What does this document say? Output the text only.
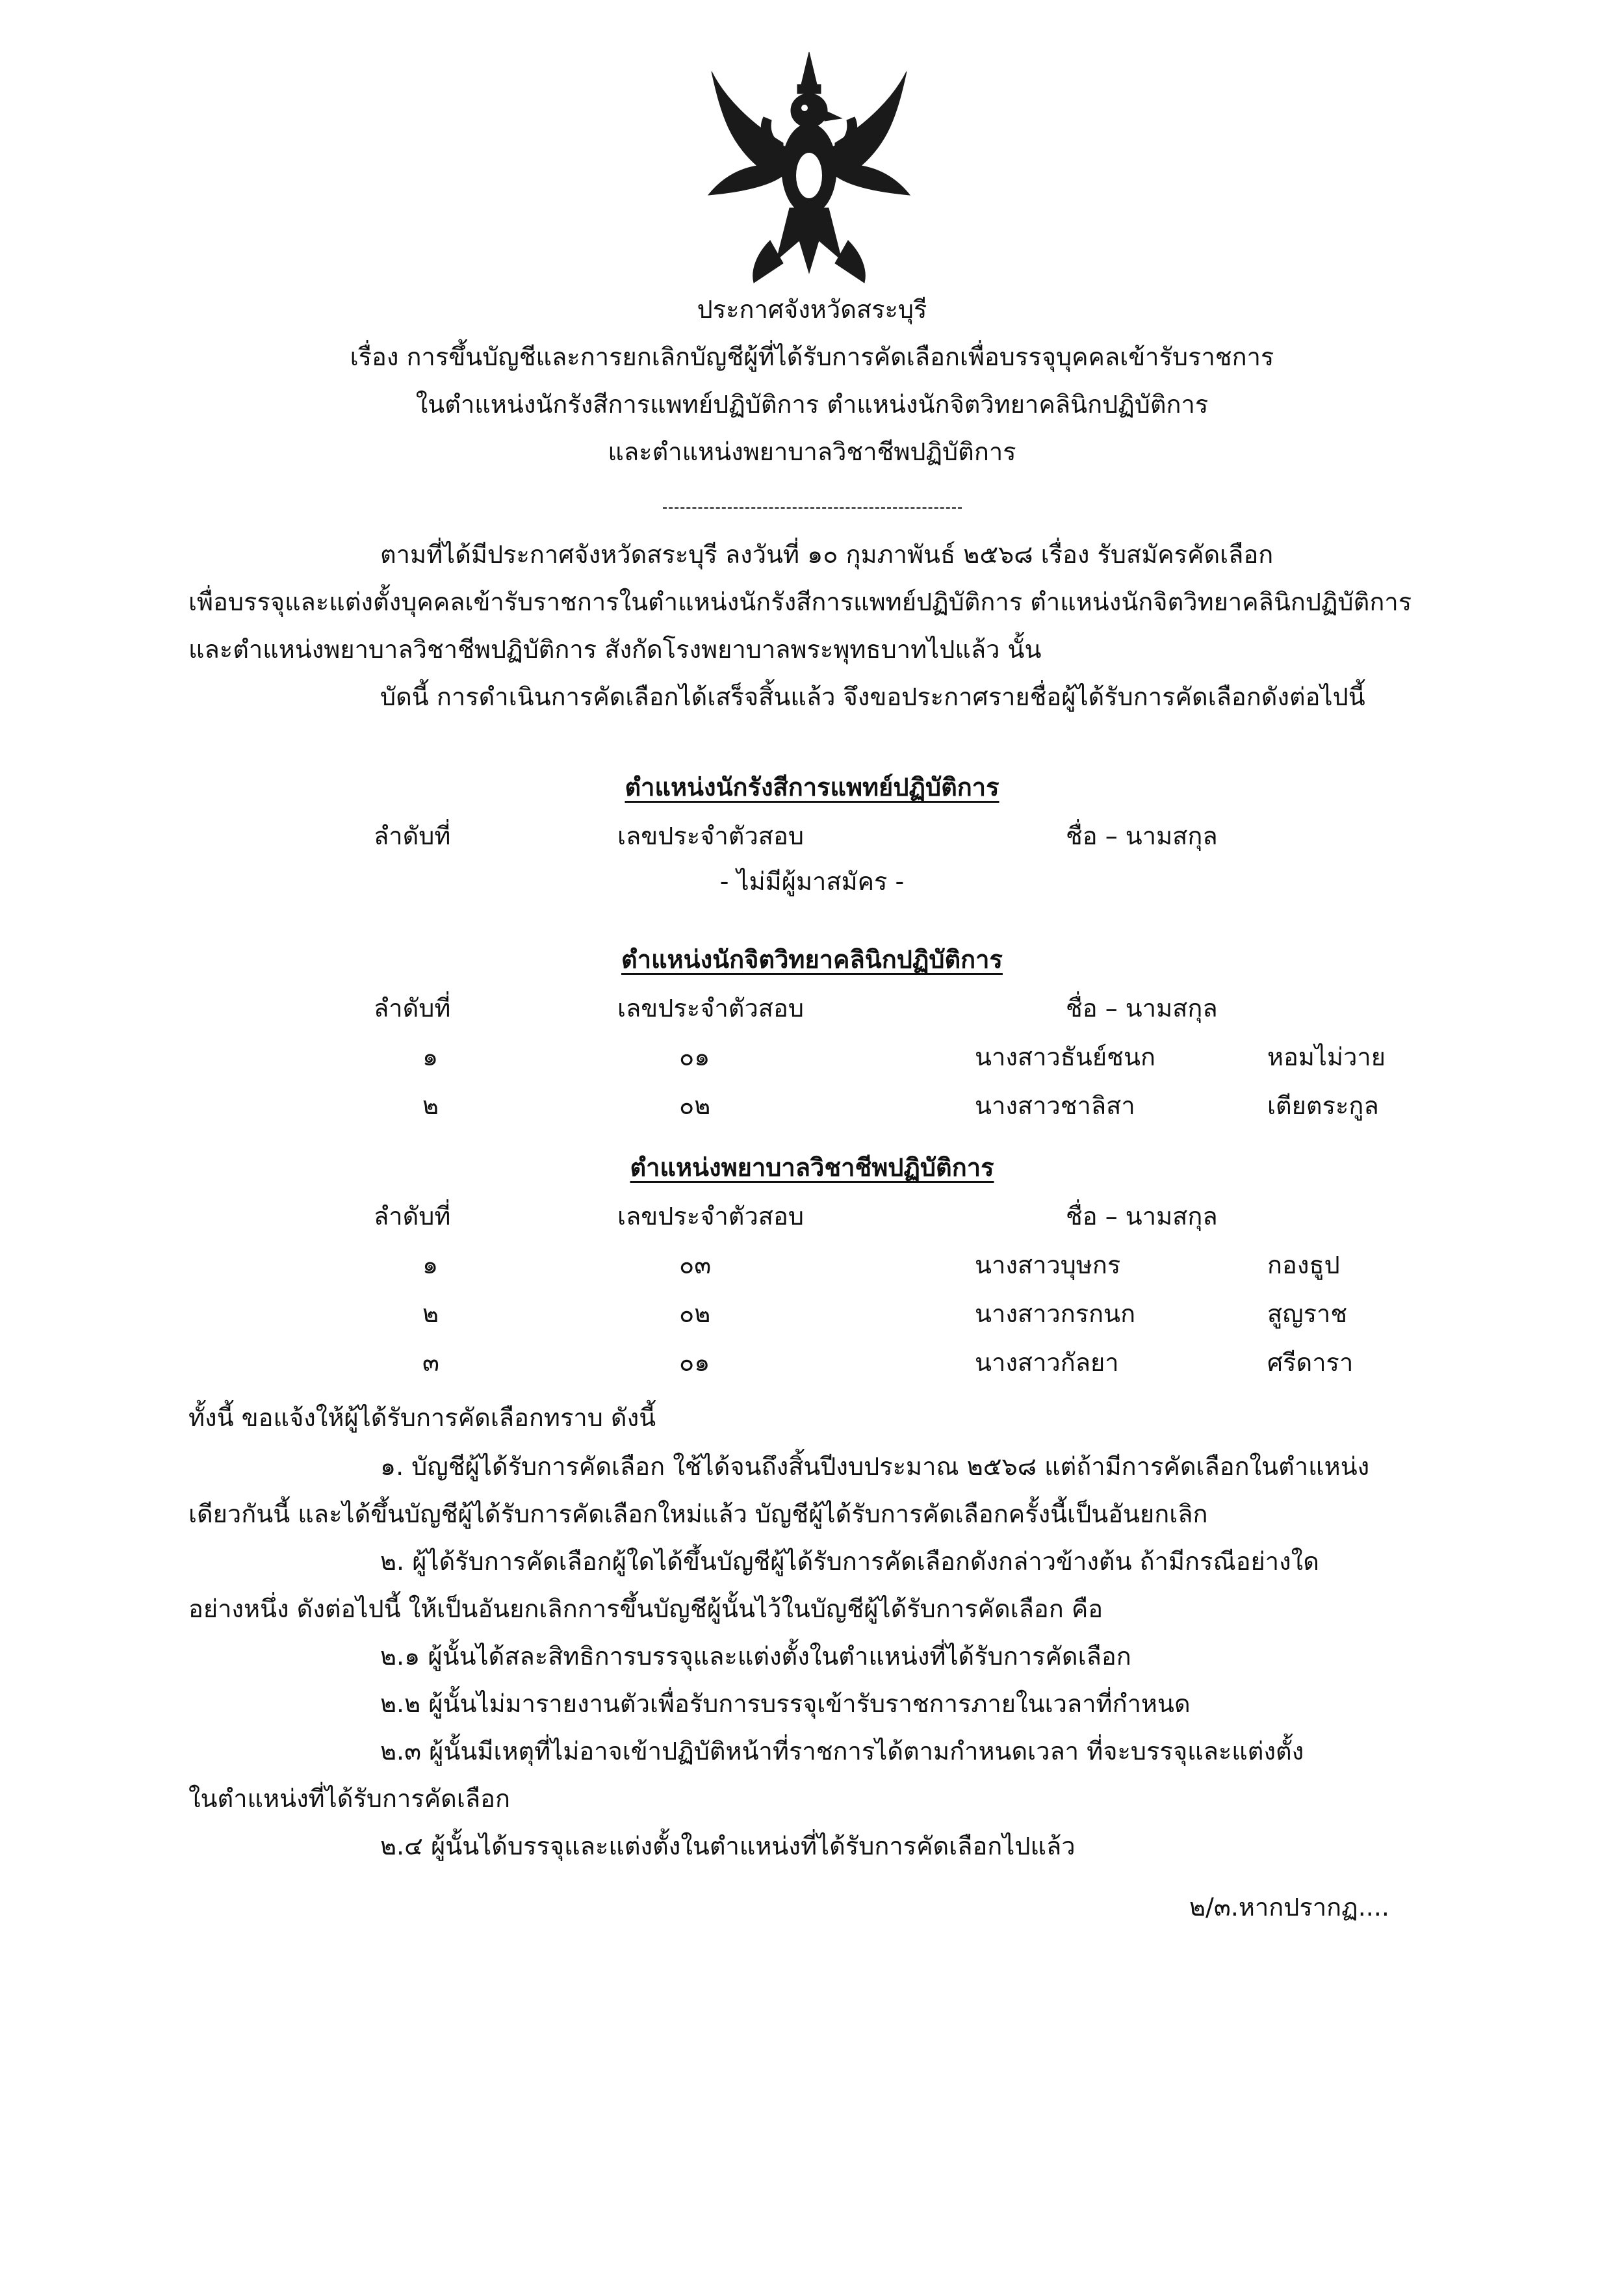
ประกาศจังหวัดสระบุรี
เรื่อง การขึ้นบัญชีและการยกเลิกบัญชีผู้ที่ได้รับการคัดเลือกเพื่อบรรจุบุคคลเข้ารับราชการ
ในตำแหน่งนักรังสีการแพทย์ปฏิบัติการ ตำแหน่งนักจิตวิทยาคลินิกปฏิบัติการ
และตำแหน่งพยาบาลวิชาชีพปฏิบัติการ
ตามที่ได้มีประกาศจังหวัดสระบุรี ลงวันที่ ๑๐ กุมภาพันธ์ ๒๕๖๘ เรื่อง รับสมัครคัดเลือก
เพื่อบรรจุและแต่งตั้งบุคคลเข้ารับราชการในตำแหน่งนักรังสีการแพทย์ปฏิบัติการ ตำแหน่งนักจิตวิทยาคลินิกปฏิบัติการ
และตำแหน่งพยาบาลวิชาชีพปฏิบัติการ สังกัดโรงพยาบาลพระพุทธบาทไปแล้ว นั้น
บัดนี้ การดำเนินการคัดเลือกได้เสร็จสิ้นแล้ว จึงขอประกาศรายชื่อผู้ได้รับการคัดเลือกดังต่อไปนี้
ตำแหน่งนักรังสีการแพทย์ปฏิบัติการ
ลำดับที่	เลขประจำตัวสอบ	ชื่อ – นามสกุล
- ไม่มีผู้มาสมัคร -
ตำแหน่งนักจิตวิทยาคลินิกปฏิบัติการ
ลำดับที่	เลขประจำตัวสอบ	ชื่อ – นามสกุล
๑	๐๑	นางสาวธันย์ชนก	หอมไม่วาย
๒	๐๒	นางสาวชาลิสา	เตียตระกูล
ตำแหน่งพยาบาลวิชาชีพปฏิบัติการ
ลำดับที่	เลขประจำตัวสอบ	ชื่อ – นามสกุล
๑	๐๓	นางสาวบุษกร	กองธูป
๒	๐๒	นางสาวกรกนก	สูญราช
๓	๐๑	นางสาวกัลยา	ศรีดารา
ทั้งนี้ ขอแจ้งให้ผู้ได้รับการคัดเลือกทราบ ดังนี้
๑. บัญชีผู้ได้รับการคัดเลือก ใช้ได้จนถึงสิ้นปีงบประมาณ ๒๕๖๘ แต่ถ้ามีการคัดเลือกในตำแหน่ง
เดียวกันนี้ และได้ขึ้นบัญชีผู้ได้รับการคัดเลือกใหม่แล้ว บัญชีผู้ได้รับการคัดเลือกครั้งนี้เป็นอันยกเลิก
๒. ผู้ได้รับการคัดเลือกผู้ใดได้ขึ้นบัญชีผู้ได้รับการคัดเลือกดังกล่าวข้างต้น ถ้ามีกรณีอย่างใด
อย่างหนึ่ง ดังต่อไปนี้ ให้เป็นอันยกเลิกการขึ้นบัญชีผู้นั้นไว้ในบัญชีผู้ได้รับการคัดเลือก คือ
๒.๑ ผู้นั้นได้สละสิทธิการบรรจุและแต่งตั้งในตำแหน่งที่ได้รับการคัดเลือก
๒.๒ ผู้นั้นไม่มารายงานตัวเพื่อรับการบรรจุเข้ารับราชการภายในเวลาที่กำหนด
๒.๓ ผู้นั้นมีเหตุที่ไม่อาจเข้าปฏิบัติหน้าที่ราชการได้ตามกำหนดเวลา ที่จะบรรจุและแต่งตั้ง
ในตำแหน่งที่ได้รับการคัดเลือก
๒.๔ ผู้นั้นได้บรรจุและแต่งตั้งในตำแหน่งที่ได้รับการคัดเลือกไปแล้ว
๒/๓.หากปรากฏ....
